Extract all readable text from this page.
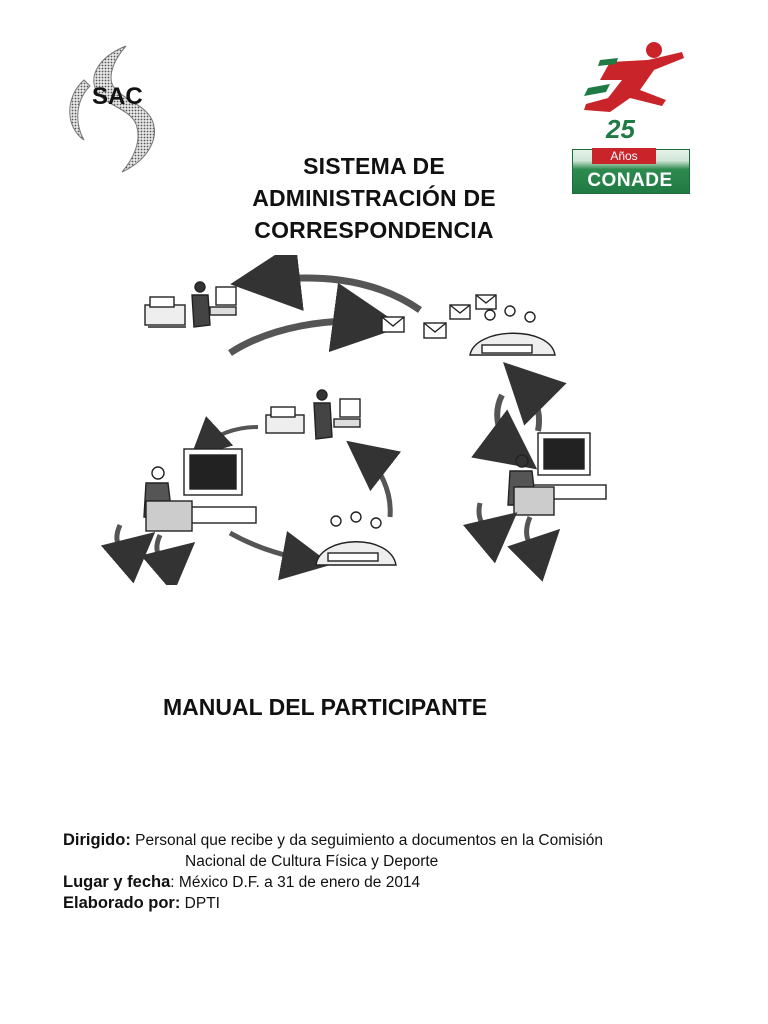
SAC
25
Años
CONADE
SISTEMA DE
ADMINISTRACIÓN DE
CORRESPONDENCIA
MANUAL DEL PARTICIPANTE
Dirigido: Personal que recibe y da seguimiento a documentos en la Comisión
Nacional de Cultura Física y Deporte
Lugar y fecha: México D.F. a 31 de enero de 2014
Elaborado por: DPTI
